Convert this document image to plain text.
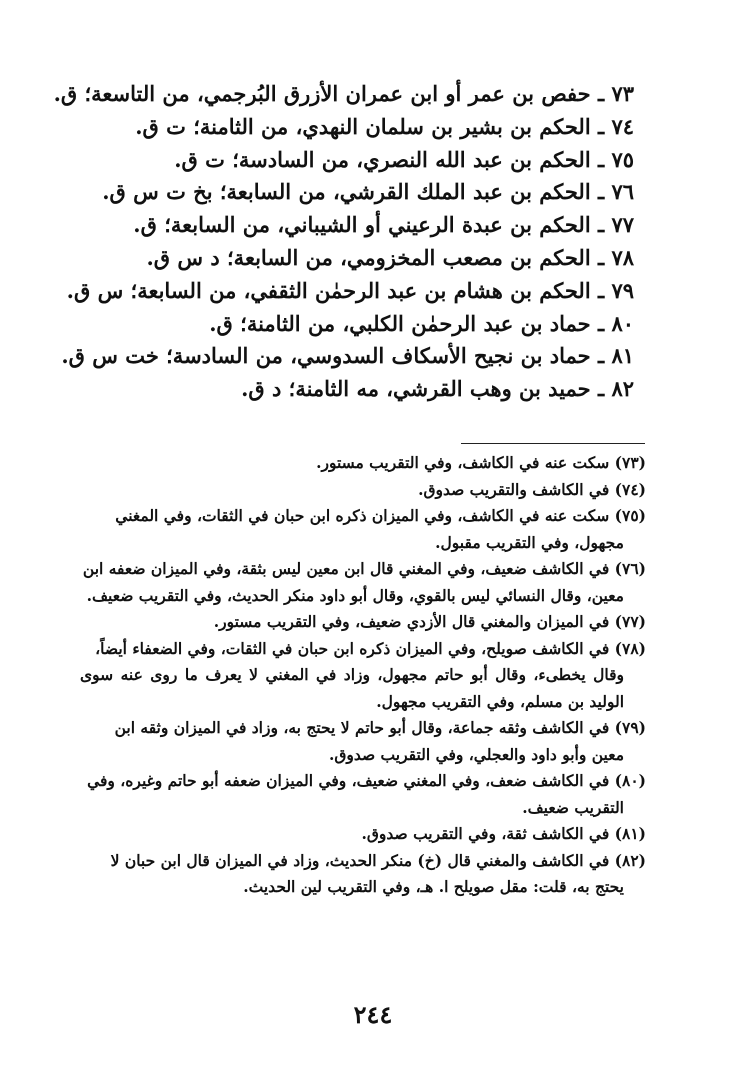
٧٣ ـ حفص بن عمر أو ابن عمران الأزرق البُرجمي، من التاسعة؛ ق.
٧٤ ـ الحكم بن بشير بن سلمان النهدي، من الثامنة؛ ت ق.
٧٥ ـ الحكم بن عبد الله النصري، من السادسة؛ ت ق.
٧٦ ـ الحكم بن عبد الملك القرشي، من السابعة؛ بخ ت س ق.
٧٧ ـ الحكم بن عبدة الرعيني أو الشيباني، من السابعة؛ ق.
٧٨ ـ الحكم بن مصعب المخزومي، من السابعة؛ د س ق.
٧٩ ـ الحكم بن هشام بن عبد الرحمٰن الثقفي، من السابعة؛ س ق.
٨٠ ـ حماد بن عبد الرحمٰن الكلبي، من الثامنة؛ ق.
٨١ ـ حماد بن نجيح الأسكاف السدوسي، من السادسة؛ خت س ق.
٨٢ ـ حميد بن وهب القرشي، مه الثامنة؛ د ق.
(٧٣) سكت عنه في الكاشف، وفي التقريب مستور.
(٧٤) في الكاشف والتقريب صدوق.
(٧٥) سكت عنه في الكاشف، وفي الميزان ذكره ابن حبان في الثقات، وفي المغني
مجهول، وفي التقريب مقبول.
(٧٦) في الكاشف ضعيف، وفي المغني قال ابن معين ليس بثقة، وفي الميزان ضعفه ابن
معين، وقال النسائي ليس بالقوي، وقال أبو داود منكر الحديث، وفي التقريب ضعيف.
(٧٧) في الميزان والمغني قال الأزدي ضعيف، وفي التقريب مستور.
(٧٨) في الكاشف صويلح، وفي الميزان ذكره ابن حبان في الثقات، وفي الضعفاء أيضاً،
وقال يخطىء، وقال أبو حاتم مجهول، وزاد في المغني لا يعرف ما روى عنه سوى الوليد بن مسلم، وفي التقريب مجهول.
(٧٩) في الكاشف وثقه جماعة، وقال أبو حاتم لا يحتج به، وزاد في الميزان وثقه ابن
معين وأبو داود والعجلي، وفي التقريب صدوق.
(٨٠) في الكاشف ضعف، وفي المغني ضعيف، وفي الميزان ضعفه أبو حاتم وغيره، وفي
التقريب ضعيف.
(٨١) في الكاشف ثقة، وفي التقريب صدوق.
(٨٢) في الكاشف والمغني قال (خ) منكر الحديث، وزاد في الميزان قال ابن حبان لا
يحتج به، قلت: مقل صويلح ا. هـ، وفي التقريب لين الحديث.
٢٤٤
